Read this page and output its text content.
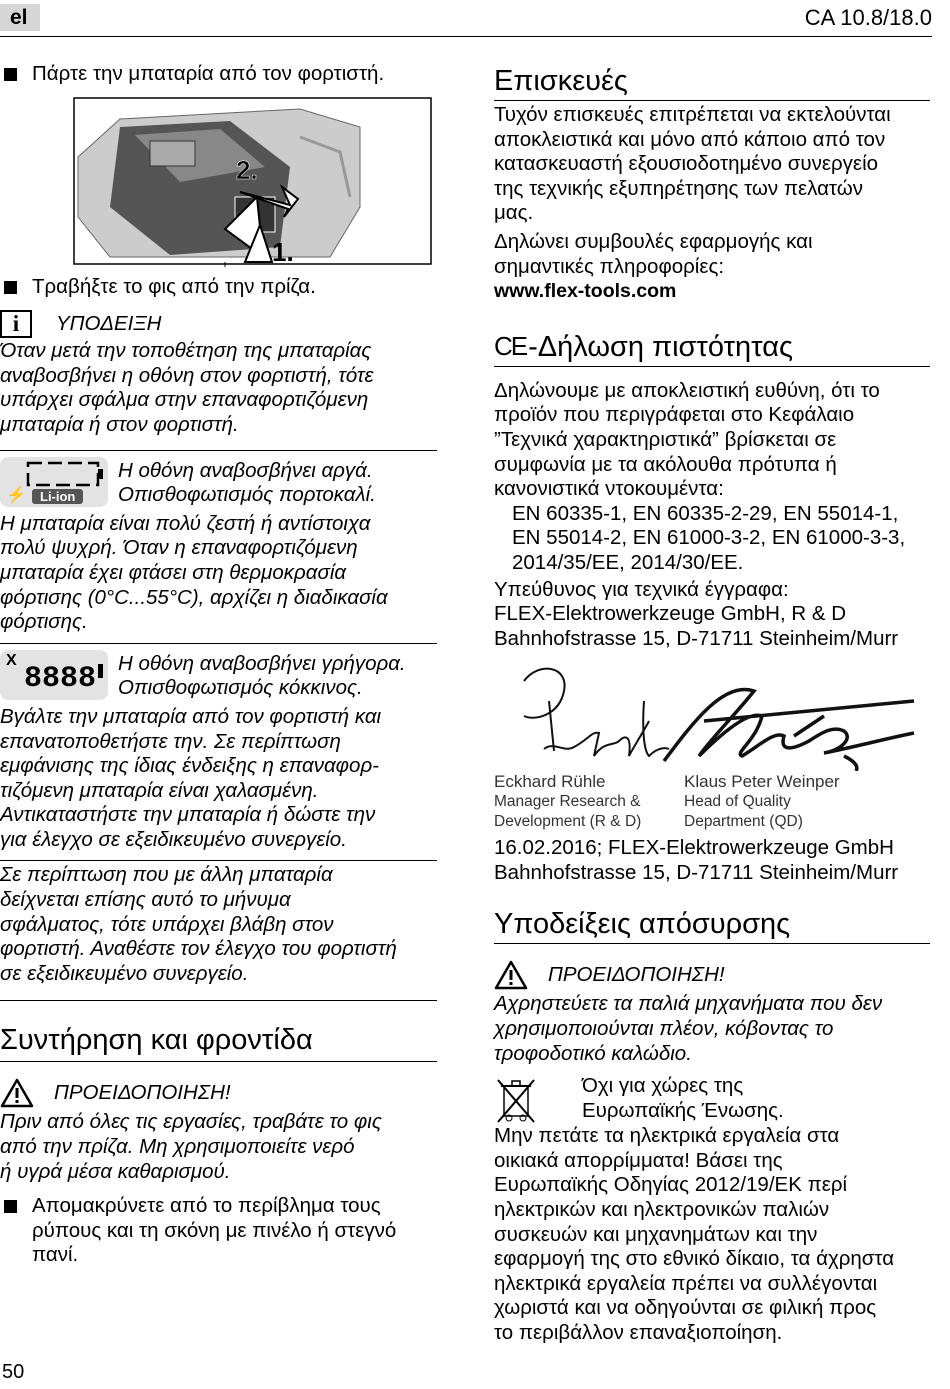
el	CA 10.8/18.0
Πάρτε την μπαταρία από τον φορτιστή.
2.
1.
Τραβήξτε το φις από την πρίζα.
i	ΥΠΟΔΕΙΞΗ
Όταν μετά την τοποθέτηση της μπαταρίας
αναβοσβήνει η οθόνη στον φορτιστή, τότε
υπάρχει σφάλμα στην επαναφορτιζόμενη
μπαταρία ή στον φορτιστή.
⚡	Li-ion
Η οθόνη αναβοσβήνει αργά.
Οπισθοφωτισμός πορτοκαλί.
Η μπαταρία είναι πολύ ζεστή ή αντίστοιχα
πολύ ψυχρή. Όταν η επαναφορτιζόμενη
μπαταρία έχει φτάσει στη θερμοκρασία
φόρτισης (0°C...55°C), αρχίζει η διαδικασία
φόρτισης.
X
8888 Η οθόνη αναβοσβήνει γρήγορα.
Οπισθοφωτισμός κόκκινος.
Βγάλτε την μπαταρία από τον φορτιστή και
επανατοποθετήστε την. Σε περίπτωση
εμφάνισης της ίδιας ένδειξης η επαναφορ-
τιζόμενη μπαταρία είναι χαλασμένη.
Αντικαταστήστε την μπαταρία ή δώστε την
για έλεγχο σε εξειδικευμένο συνεργείο.
Σε περίπτωση που με άλλη μπαταρία
δείχνεται επίσης αυτό το μήνυμα
σφάλματος, τότε υπάρχει βλάβη στον
φορτιστή. Αναθέστε τον έλεγχο του φορτιστή
σε εξειδικευμένο συνεργείο.
Συντήρηση και φροντίδα
ΠΡΟΕΙΔΟΠΟΙΗΣΗ!
Πριν από όλες τις εργασίες, τραβάτε το φις
από την πρίζα. Μη χρησιμοποιείτε νερό
ή υγρά μέσα καθαρισμού.
Απομακρύνετε από το περίβλημα τους
ρύπους και τη σκόνη με πινέλο ή στεγνό
πανί.
Επισκευές
Τυχόν επισκευές επιτρέπεται να εκτελούνται
αποκλειστικά και μόνο από κάποιο από τον
κατασκευαστή εξουσιοδοτημένο συνεργείο
της τεχνικής εξυπηρέτησης των πελατών
μας.
Δηλώνει συμβουλές εφαρμογής και
σημαντικές πληροφορίες:
www.flex-tools.com
CE -Δήλωση πιστότητας
Δηλώνουμε με αποκλειστική ευθύνη, ότι το
προϊόν που περιγράφεται στο Κεφάλαιο
”Τεχνικά χαρακτηριστικά” βρίσκεται σε
συμφωνία με τα ακόλουθα πρότυπα ή
κανονιστικά ντοκουμέντα:
EN 60335-1, EN 60335-2-29, EN 55014-1,
EN 55014-2, EN 61000-3-2, EN 61000-3-3,
2014/35/EE, 2014/30/EE.
Υπεύθυνος για τεχνικά έγγραφα:
FLEX-Elektrowerkzeuge GmbH, R & D
Bahnhofstrasse 15, D-71711 Steinheim/Murr
Eckhard Rühle
Manager Research &
Development (R & D)
Klaus Peter Weinper
Head of Quality
Department (QD)
16.02.2016; FLEX-Elektrowerkzeuge GmbH
Bahnhofstrasse 15, D-71711 Steinheim/Murr
Υποδείξεις απόσυρσης
ΠΡΟΕΙΔΟΠΟΙΗΣΗ!
Αχρηστεύετε τα παλιά μηχανήματα που δεν
χρησιμοποιούνται πλέον, κόβοντας το
τροφοδοτικό καλώδιο.
Όχι για χώρες της
Ευρωπαϊκής Ένωσης.
Μην πετάτε τα ηλεκτρικά εργαλεία στα
οικιακά απορρίμματα! Βάσει της
Ευρωπαϊκής Οδηγίας 2012/19/ΕΚ περί
ηλεκτρικών και ηλεκτρονικών παλιών
συσκευών και μηχανημάτων και την
εφαρμογή της στο εθνικό δίκαιο, τα άχρηστα
ηλεκτρικά εργαλεία πρέπει να συλλέγονται
χωριστά και να οδηγούνται σε φιλική προς
το περιβάλλον επαναξιοποίηση.
50
